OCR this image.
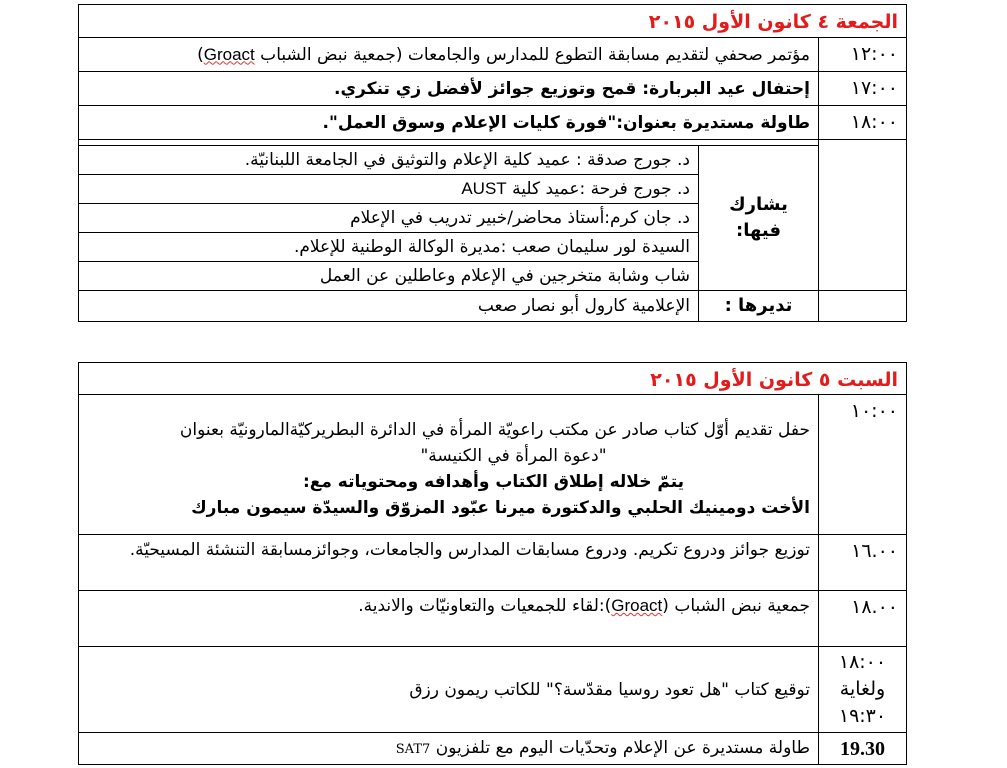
الجمعة ٤ كانون الأول ٢٠١٥		
١٢:٠٠	مؤتمر صحفي لتقديم مسابقة التطوع للمدارس والجامعات (جمعية نبض الشباب Groact)	
١٧:٠٠	إحتفال عيد البربارة: قمح وتوزيع جوائز لأفضل زي تنكري.	
١٨:٠٠	طاولة مستديرة بعنوان:"فورة كليات الإعلام وسوق العمل".	

	يشارك فيها:	د. جورج صدقة : عميد كلية الإعلام والتوثيق في الجامعة اللبنانيّة.
		د. جورج فرحة :عميد كلية AUST
		د. جان كرم:أستاذ محاضر/خبير تدريب في الإعلام
		السيدة لور سليمان صعب :مديرة الوكالة الوطنية للإعلام.
		شاب وشابة متخرجين في الإعلام وعاطلين عن العمل
	تديرها :	الإعلامية كارول أبو نصار صعب
السبت ٥ كانون الأول ٢٠١٥	
١٠:٠٠	حفل تقديم أوّل كتاب صادر عن مكتب راعويّة المرأة في الدائرة البطريركيّةالمارونيّة بعنوان
"دعوة المرأة في الكنيسة"
يتمّ خلاله إطلاق الكتاب وأهدافه ومحتوياته مع:
الأخت دومينيك الحلبي والدكتورة ميرنا عبّود المزوّق والسيدّة سيمون مبارك

١٦.٠٠	توزيع جوائز ودروع تكريم. ودروع مسابقات المدارس والجامعات، وجوائزمسابقة التنشئة المسيحيّة.
١٨.٠٠	جمعية نبض الشباب (Groact):لقاء للجمعيات والتعاونيّات والاندية.

١٨:٠٠
ولغاية
١٩:٣٠	توقيع كتاب "هل تعود روسيا مقدّسة؟" للكاتب ريمون رزق
19.30	طاولة مستديرة عن الإعلام وتحدّيات اليوم مع تلفزيون SAT7
